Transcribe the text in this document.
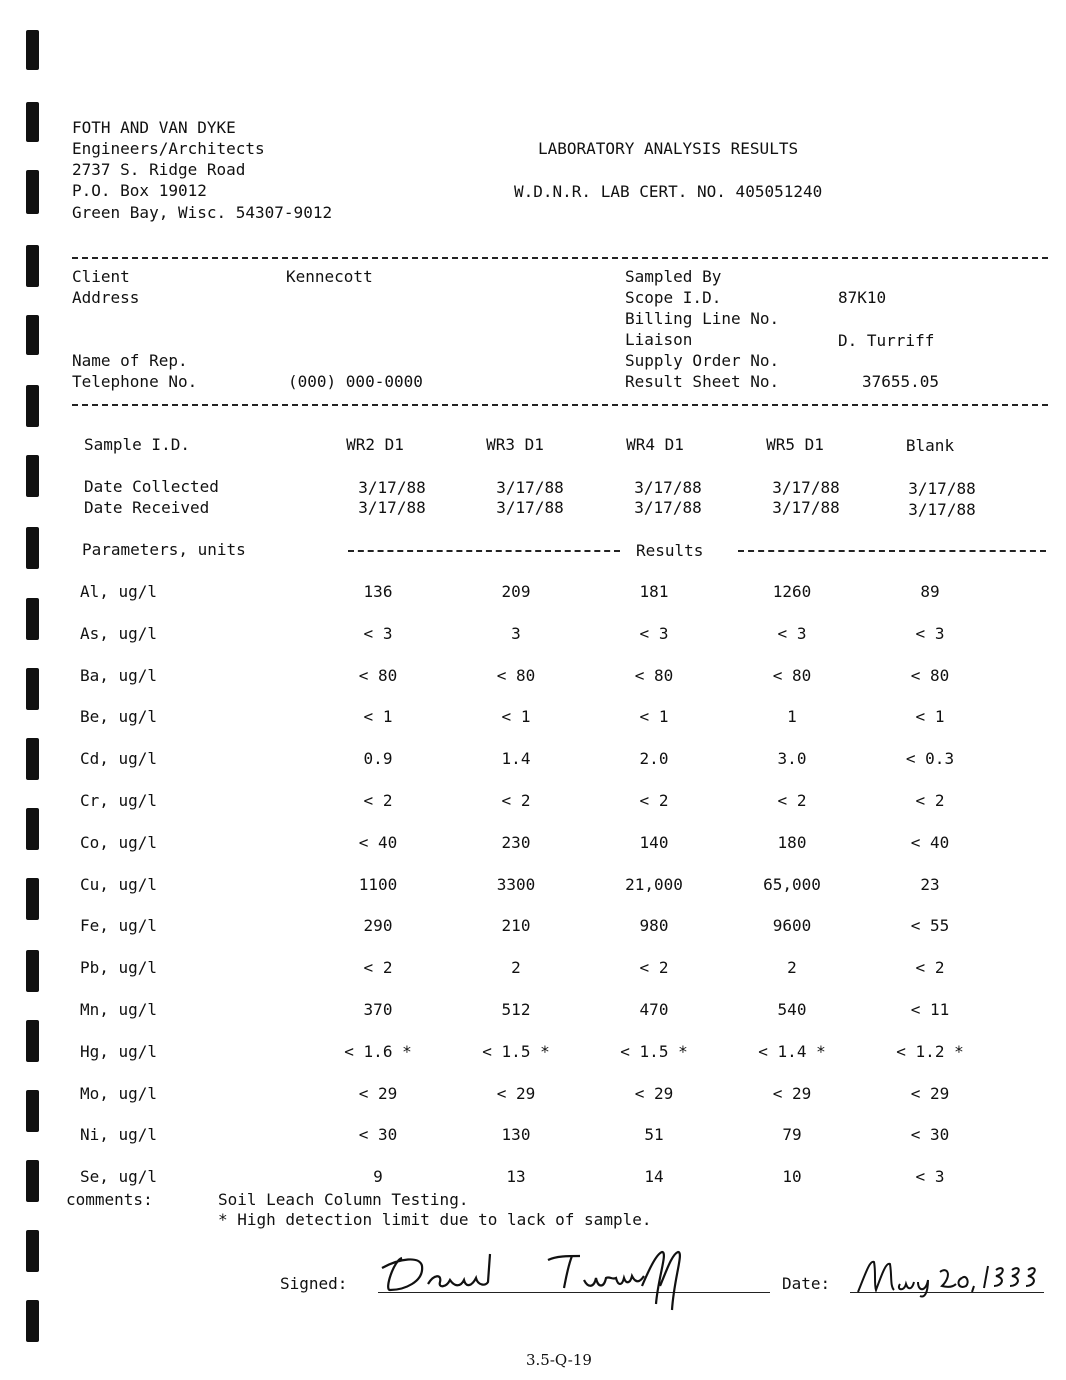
FOTH AND VAN DYKE
Engineers/Architects
2737 S. Ridge Road
P.O. Box 19012
Green Bay, Wisc. 54307-9012
LABORATORY ANALYSIS RESULTS
W.D.N.R. LAB CERT. NO. 405051240
Client	Kennecott
Address
Name of Rep.
Telephone No.	(000) 000-0000
Sampled By
Scope I.D.	87K10
Billing Line No.
Liaison	D. Turriff
Supply Order No.
Result Sheet No.	37655.05
Sample I.D.	WR2 D1	WR3 D1	WR4 D1	WR5 D1	Blank
Date Collected	3/17/88	3/17/88	3/17/88	3/17/88	3/17/88
Date Received	3/17/88	3/17/88	3/17/88	3/17/88	3/17/88
Parameters, units	Results
Al, ug/l	136	209	181	1260	89
As, ug/l	< 3	3	< 3	< 3	< 3
Ba, ug/l	< 80	< 80	< 80	< 80	< 80
Be, ug/l	< 1	< 1	< 1	1	< 1
Cd, ug/l	0.9	1.4	2.0	3.0	< 0.3
Cr, ug/l	< 2	< 2	< 2	< 2	< 2
Co, ug/l	< 40	230	140	180	< 40
Cu, ug/l	1100	3300	21,000	65,000	23
Fe, ug/l	290	210	980	9600	< 55
Pb, ug/l	< 2	2	< 2	2	< 2
Mn, ug/l	370	512	470	540	< 11
Hg, ug/l	< 1.6 *	< 1.5 *	< 1.5 *	< 1.4 *	< 1.2 *
Mo, ug/l	< 29	< 29	< 29	< 29	< 29
Ni, ug/l	< 30	130	51	79	< 30
Se, ug/l	9	13	14	10	< 3
comments:	Soil Leach Column Testing.
* High detection limit due to lack of sample.
Signed:	Date:
3.5-Q-19
